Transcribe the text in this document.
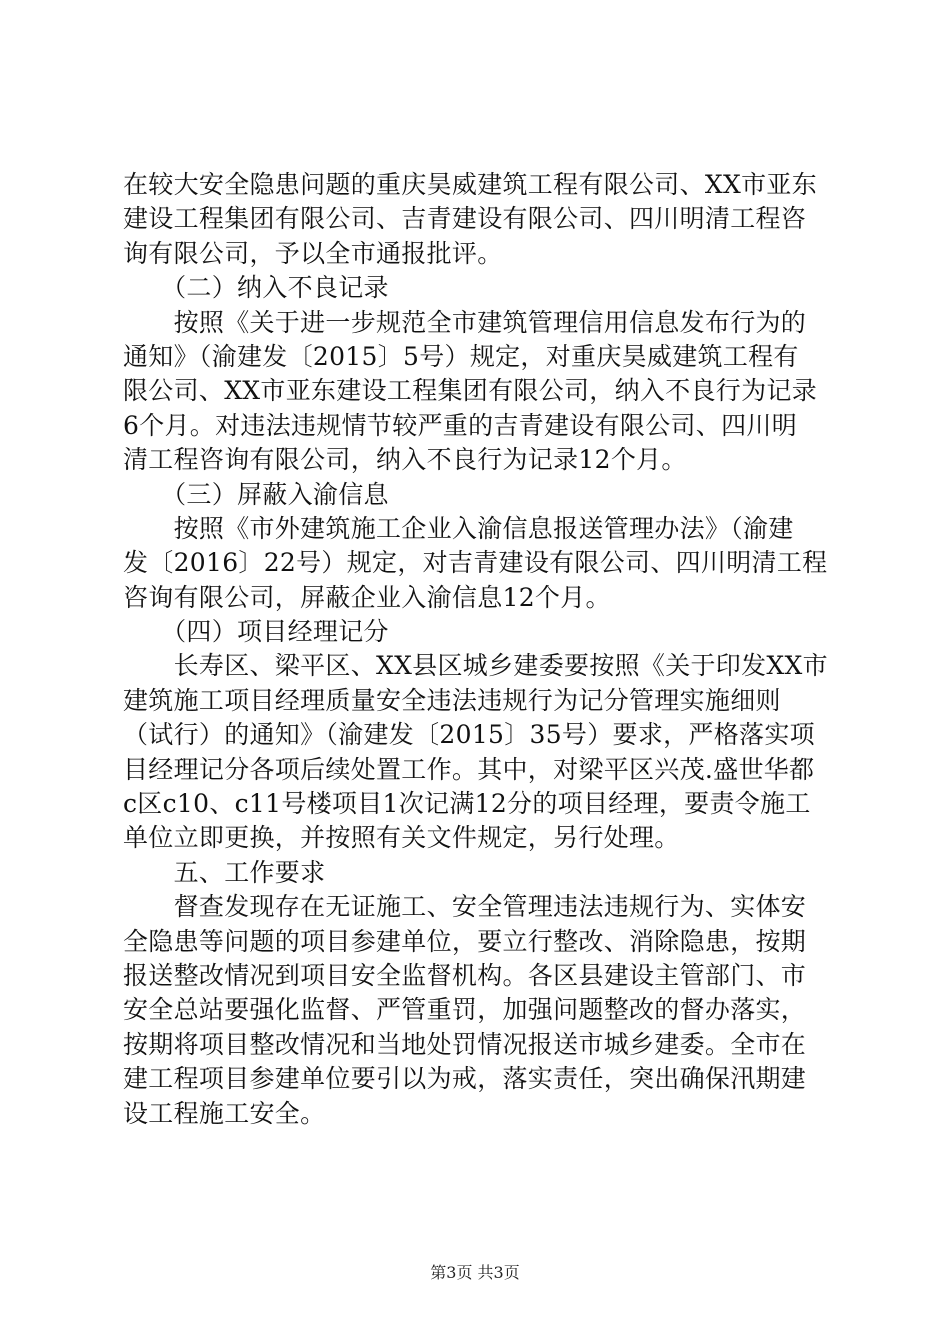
在较大安全隐患问题的重庆昊威建筑工程有限公司、XX市亚东
建设工程集团有限公司、吉青建设有限公司、四川明清工程咨
询有限公司，予以全市通报批评。
　　（二）纳入不良记录
　　按照《关于进一步规范全市建筑管理信用信息发布行为的
通知》（渝建发〔2015〕5号）规定，对重庆昊威建筑工程有
限公司、XX市亚东建设工程集团有限公司，纳入不良行为记录
6个月。对违法违规情节较严重的吉青建设有限公司、四川明
清工程咨询有限公司，纳入不良行为记录12个月。
　　（三）屏蔽入渝信息
　　按照《市外建筑施工企业入渝信息报送管理办法》（渝建
发〔2016〕22号）规定，对吉青建设有限公司、四川明清工程
咨询有限公司，屏蔽企业入渝信息12个月。
　　（四）项目经理记分
　　长寿区、梁平区、XX县区城乡建委要按照《关于印发XX市
建筑施工项目经理质量安全违法违规行为记分管理实施细则
（试行）的通知》（渝建发〔2015〕35号）要求，严格落实项
目经理记分各项后续处置工作。其中，对梁平区兴茂.盛世华都
c区c10、c11号楼项目1次记满12分的项目经理，要责令施工
单位立即更换，并按照有关文件规定，另行处理。
　　五、工作要求
　　督查发现存在无证施工、安全管理违法违规行为、实体安
全隐患等问题的项目参建单位，要立行整改、消除隐患，按期
报送整改情况到项目安全监督机构。各区县建设主管部门、市
安全总站要强化监督、严管重罚，加强问题整改的督办落实，
按期将项目整改情况和当地处罚情况报送市城乡建委。全市在
建工程项目参建单位要引以为戒，落实责任，突出确保汛期建
设工程施工安全。
第3页 共3页
